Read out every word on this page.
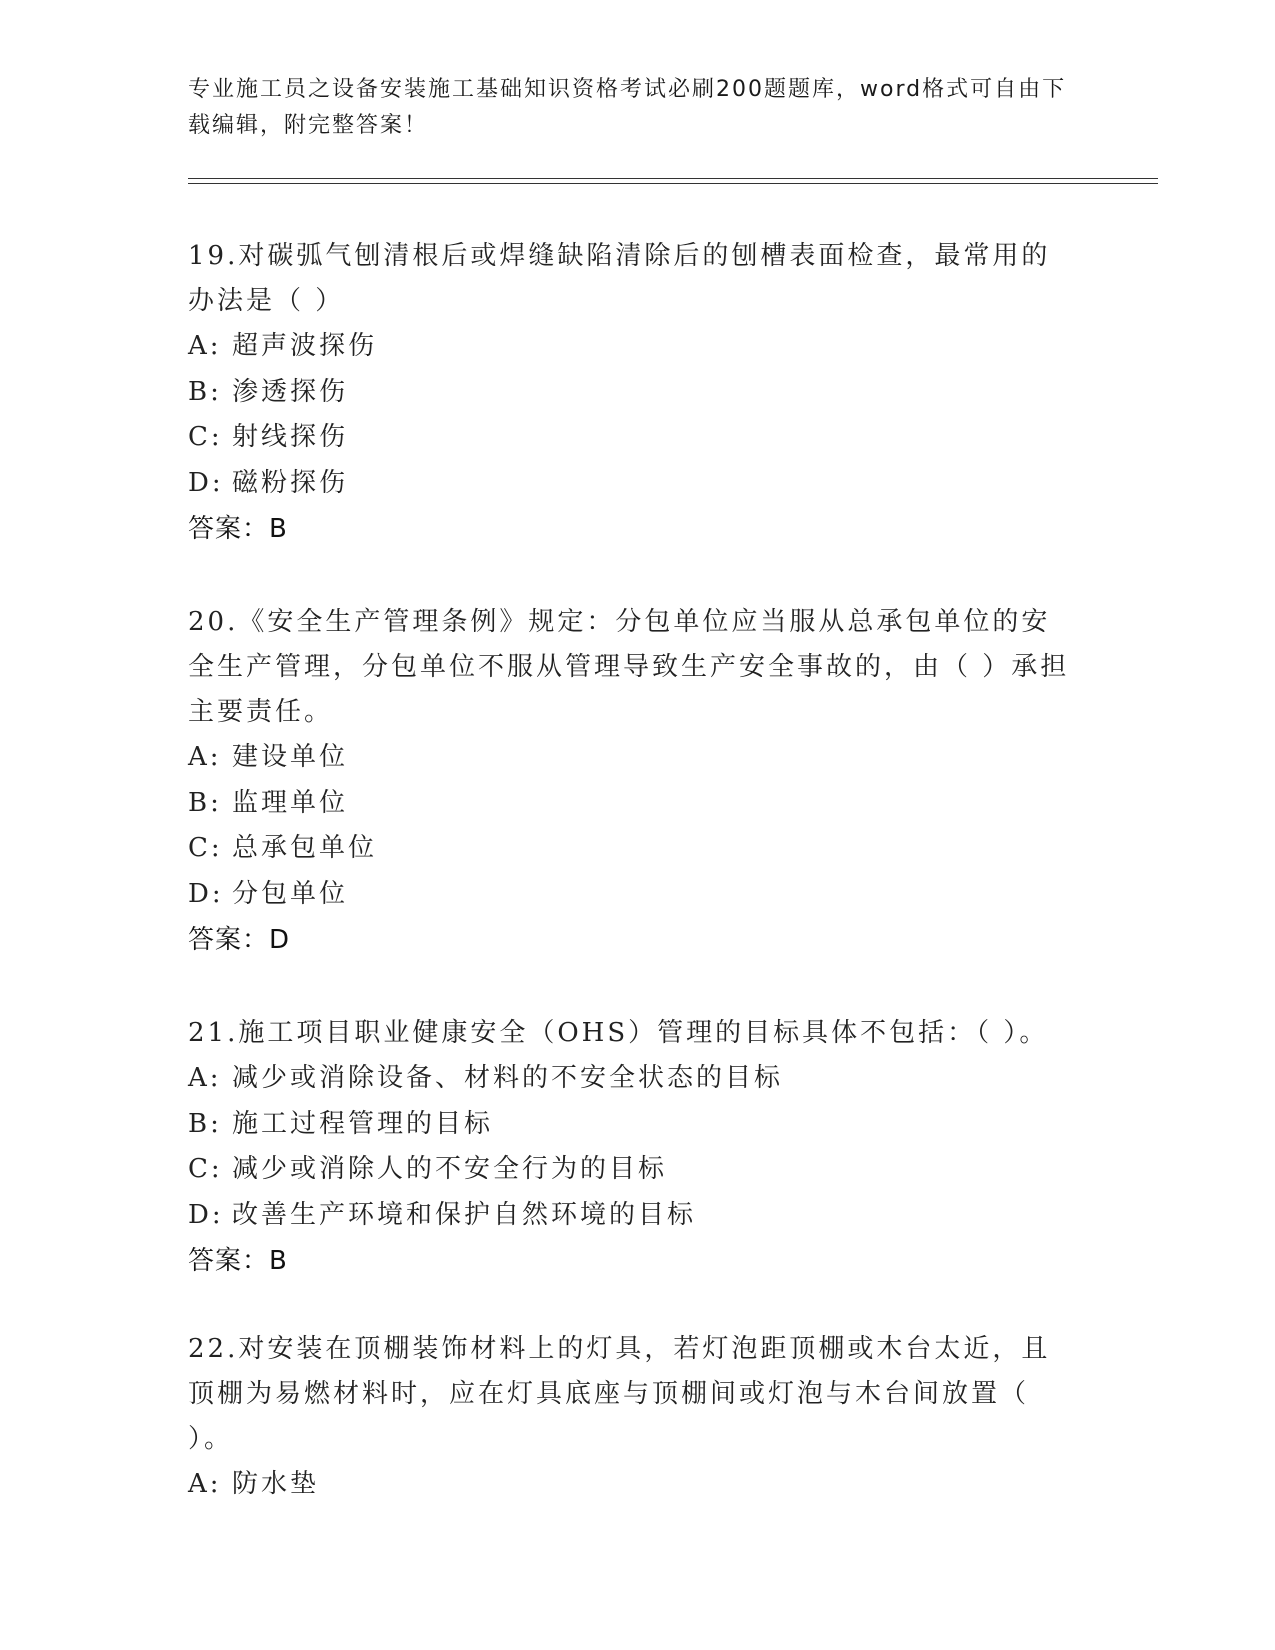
专业施工员之设备安装施工基础知识资格考试必刷200题题库，word格式可自由下载编辑，附完整答案！

19.对碳弧气刨清根后或焊缝缺陷清除后的刨槽表面检查，最常用的办法是（ ）

A: 超声波探伤
B: 渗透探伤
C: 射线探伤
D: 磁粉探伤
答案：B

20.《安全生产管理条例》规定：分包单位应当服从总承包单位的安全生产管理，分包单位不服从管理导致生产安全事故的，由（ ）承担主要责任。

A: 建设单位
B: 监理单位
C: 总承包单位
D: 分包单位
答案：D

21.施工项目职业健康安全（OHS）管理的目标具体不包括：（ ）。

A: 减少或消除设备、材料的不安全状态的目标
B: 施工过程管理的目标
C: 减少或消除人的不安全行为的目标
D: 改善生产环境和保护自然环境的目标
答案：B

22.对安装在顶棚装饰材料上的灯具，若灯泡距顶棚或木台太近，且顶棚为易燃材料时，应在灯具底座与顶棚间或灯泡与木台间放置（ ）。

A: 防水垫
